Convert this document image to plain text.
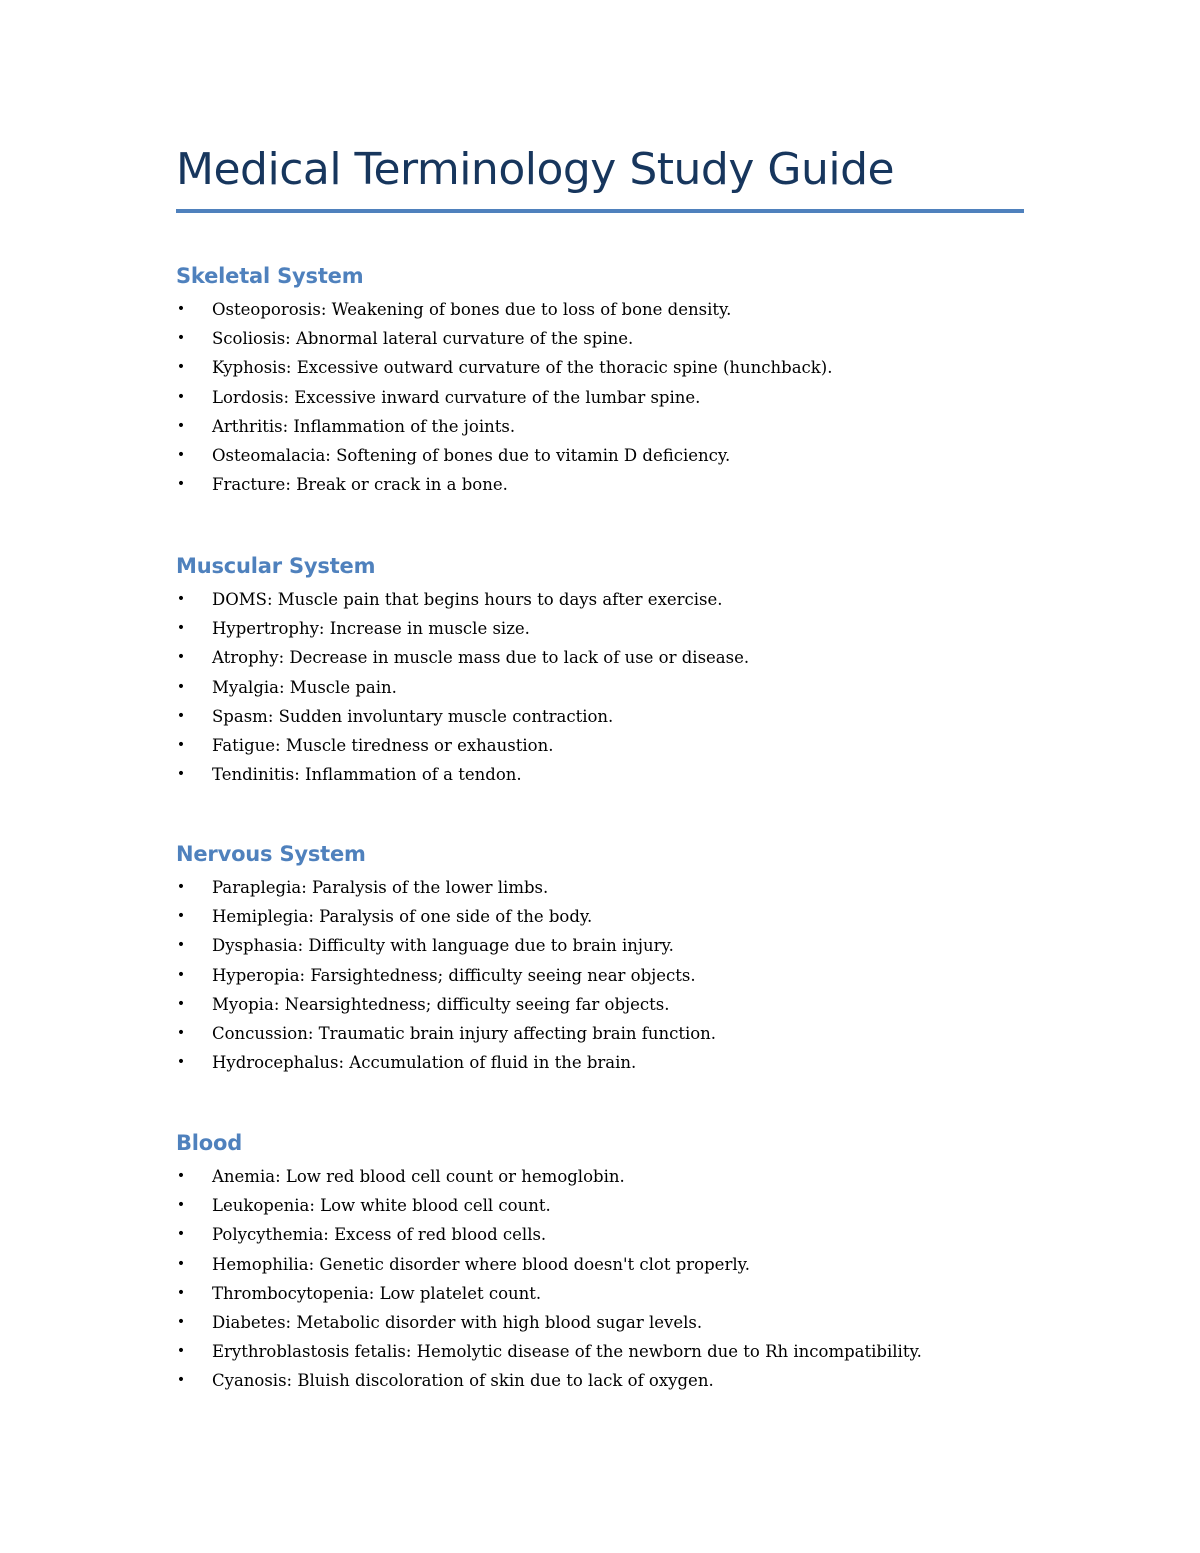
Medical Terminology Study Guide
Skeletal System
• Osteoporosis: Weakening of bones due to loss of bone density.
• Scoliosis: Abnormal lateral curvature of the spine.
• Kyphosis: Excessive outward curvature of the thoracic spine (hunchback).
• Lordosis: Excessive inward curvature of the lumbar spine.
• Arthritis: Inflammation of the joints.
• Osteomalacia: Softening of bones due to vitamin D deficiency.
• Fracture: Break or crack in a bone.
Muscular System
• DOMS: Muscle pain that begins hours to days after exercise.
• Hypertrophy: Increase in muscle size.
• Atrophy: Decrease in muscle mass due to lack of use or disease.
• Myalgia: Muscle pain.
• Spasm: Sudden involuntary muscle contraction.
• Fatigue: Muscle tiredness or exhaustion.
• Tendinitis: Inflammation of a tendon.
Nervous System
• Paraplegia: Paralysis of the lower limbs.
• Hemiplegia: Paralysis of one side of the body.
• Dysphasia: Difficulty with language due to brain injury.
• Hyperopia: Farsightedness; difficulty seeing near objects.
• Myopia: Nearsightedness; difficulty seeing far objects.
• Concussion: Traumatic brain injury affecting brain function.
• Hydrocephalus: Accumulation of fluid in the brain.
Blood
• Anemia: Low red blood cell count or hemoglobin.
• Leukopenia: Low white blood cell count.
• Polycythemia: Excess of red blood cells.
• Hemophilia: Genetic disorder where blood doesn't clot properly.
• Thrombocytopenia: Low platelet count.
• Diabetes: Metabolic disorder with high blood sugar levels.
• Erythroblastosis fetalis: Hemolytic disease of the newborn due to Rh incompatibility.
• Cyanosis: Bluish discoloration of skin due to lack of oxygen.
